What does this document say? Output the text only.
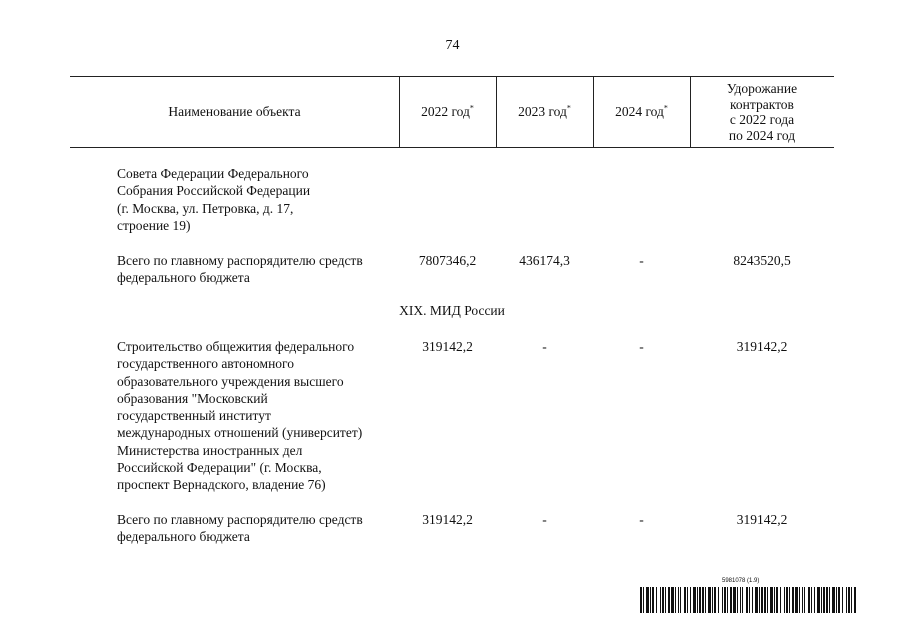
74
Наименование объекта	2022 год*	2023 год*	2024 год*
Удорожание
контрактов
с 2022 года
по 2024 год
Совета Федерации Федерального
Собрания Российской Федерации
(г. Москва, ул. Петровка, д. 17,
строение 19)
Всего по главному распорядителю средств
федерального бюджета
7807346,2	436174,3	-	8243520,5
XIX. МИД России
Строительство общежития федерального
государственного автономного
образовательного учреждения высшего
образования "Московский
государственный институт
международных отношений (университет)
Министерства иностранных дел
Российской Федерации" (г. Москва,
проспект Вернадского, владение 76)
319142,2	-	-	319142,2
Всего по главному распорядителю средств
федерального бюджета
319142,2	-	-	319142,2
5981078 (1.9)
